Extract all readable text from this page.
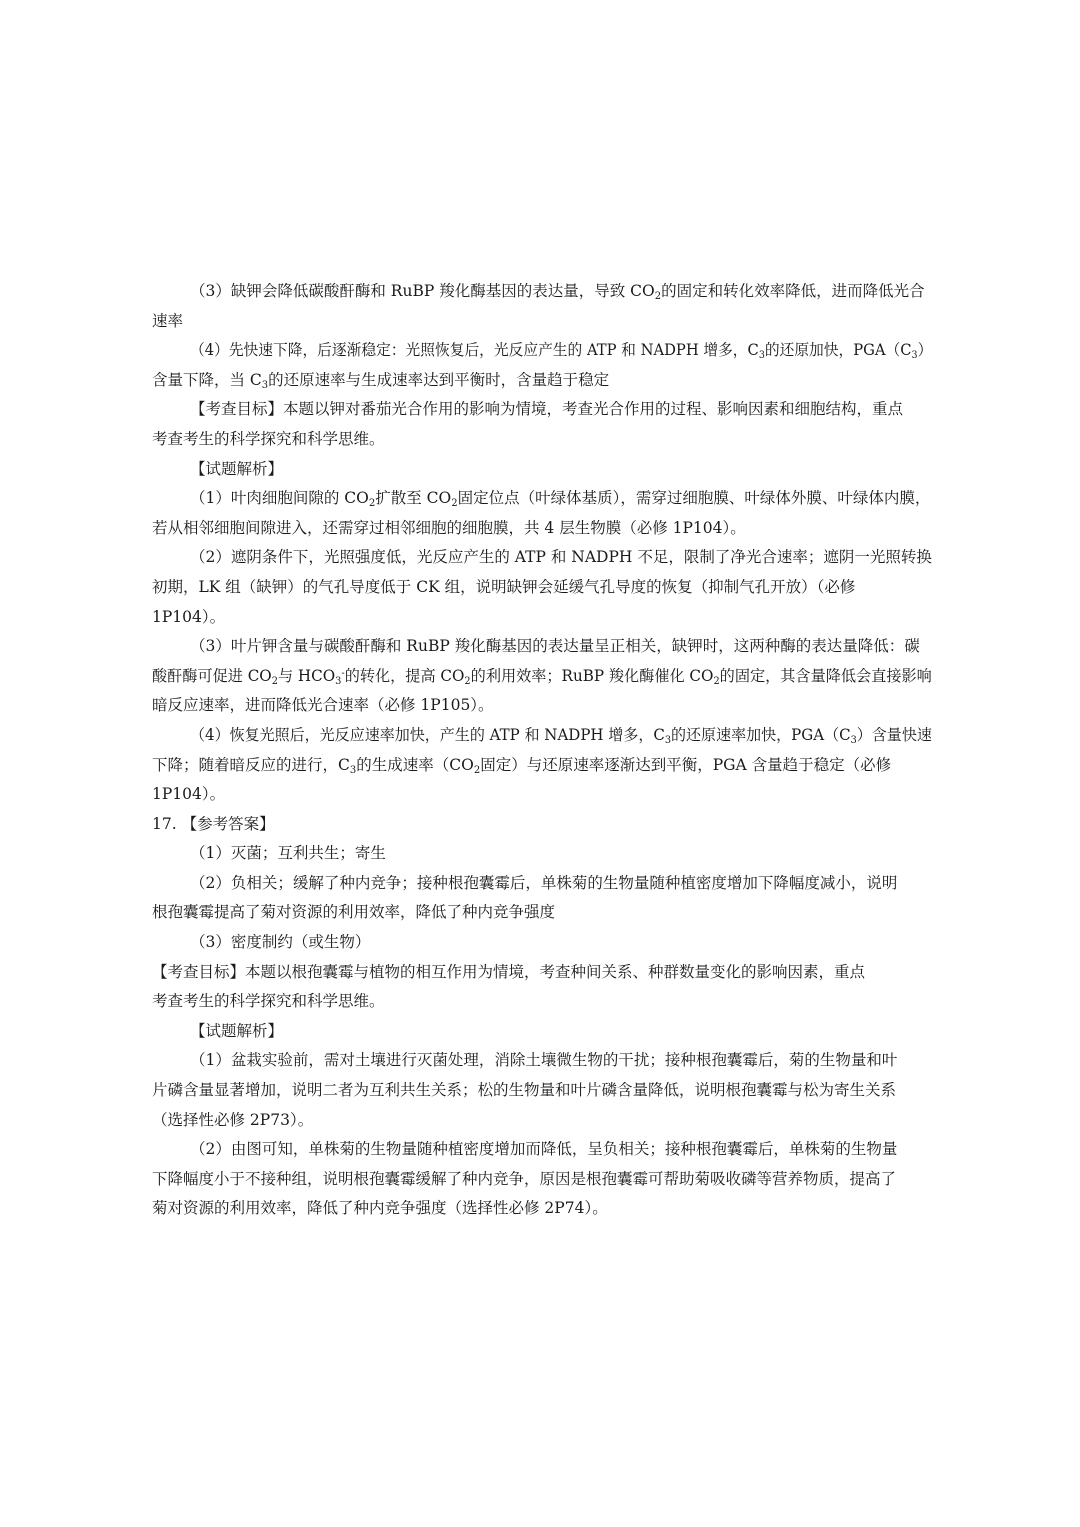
（3）缺钾会降低碳酸酐酶和 RuBP 羧化酶基因的表达量，导致 $CO_2$的固定和转化效率降低，进而降低光合
速率
（4）先快速下降，后逐渐稳定：光照恢复后，光反应产生的 ATP 和 NADPH 增多，$C_3$的还原加快，$PGA(C_3)$
含量下降，当 $C_3$的还原速率与生成速率达到平衡时，含量趋于稳定
【考查目标】本题以钾对番茄光合作用的影响为情境，考查光合作用的过程、影响因素和细胞结构，重点
考查考生的科学探究和科学思维。
【试题解析】
（1）叶肉细胞间隙的 $CO_2$扩散至 $CO_2$固定位点（叶绿体基质），需穿过细胞膜、叶绿体外膜、叶绿体内膜，
若从相邻细胞间隙进入，还需穿过相邻细胞的细胞膜，共 4 层生物膜（必修 1P104）。
（2）遮阴条件下，光照强度低，光反应产生的 ATP 和 NADPH 不足，限制了净光合速率；遮阴一光照转换
初期，LK 组（缺钾）的气孔导度低于 CK 组，说明缺钾会延缓气孔导度的恢复（抑制气孔开放）（必修
1P104）。
（3）叶片钾含量与碳酸酐酶和 RuBP 羧化酶基因的表达量呈正相关，缺钾时，这两种酶的表达量降低：碳
酸酐酶可促进 $CO_2$与 $HCO_3^-$的转化，提高 $CO_2$的利用效率；RuBP 羧化酶催化 $CO_2$的固定，其含量降低会直接影响
暗反应速率，进而降低光合速率（必修 1P105）。
（4）恢复光照后，光反应速率加快，产生的 ATP 和 NADPH 增多，$C_3$的还原速率加快，$PGA(C_3)$含量快速
下降；随着暗反应的进行，$C_3$的生成速率（$CO_2$固定）与还原速率逐渐达到平衡，PGA 含量趋于稳定（必修
1P104）。
17. 【参考答案】
（1）灭菌；互利共生；寄生
（2）负相关；缓解了种内竞争；接种根孢囊霉后，单株菊的生物量随种植密度增加下降幅度减小，说明
根孢囊霉提高了菊对资源的利用效率，降低了种内竞争强度
（3）密度制约（或生物）
【考查目标】本题以根孢囊霉与植物的相互作用为情境，考查种间关系、种群数量变化的影响因素，重点
考查考生的科学探究和科学思维。
【试题解析】
（1）盆栽实验前，需对土壤进行灭菌处理，消除土壤微生物的干扰；接种根孢囊霉后，菊的生物量和叶
片磷含量显著增加，说明二者为互利共生关系；松的生物量和叶片磷含量降低，说明根孢囊霉与松为寄生关系
（选择性必修 2P73）。
（2）由图可知，单株菊的生物量随种植密度增加而降低，呈负相关；接种根孢囊霉后，单株菊的生物量
下降幅度小于不接种组，说明根孢囊霉缓解了种内竞争，原因是根孢囊霉可帮助菊吸收磷等营养物质，提高了
菊对资源的利用效率，降低了种内竞争强度（选择性必修 2P74）。
